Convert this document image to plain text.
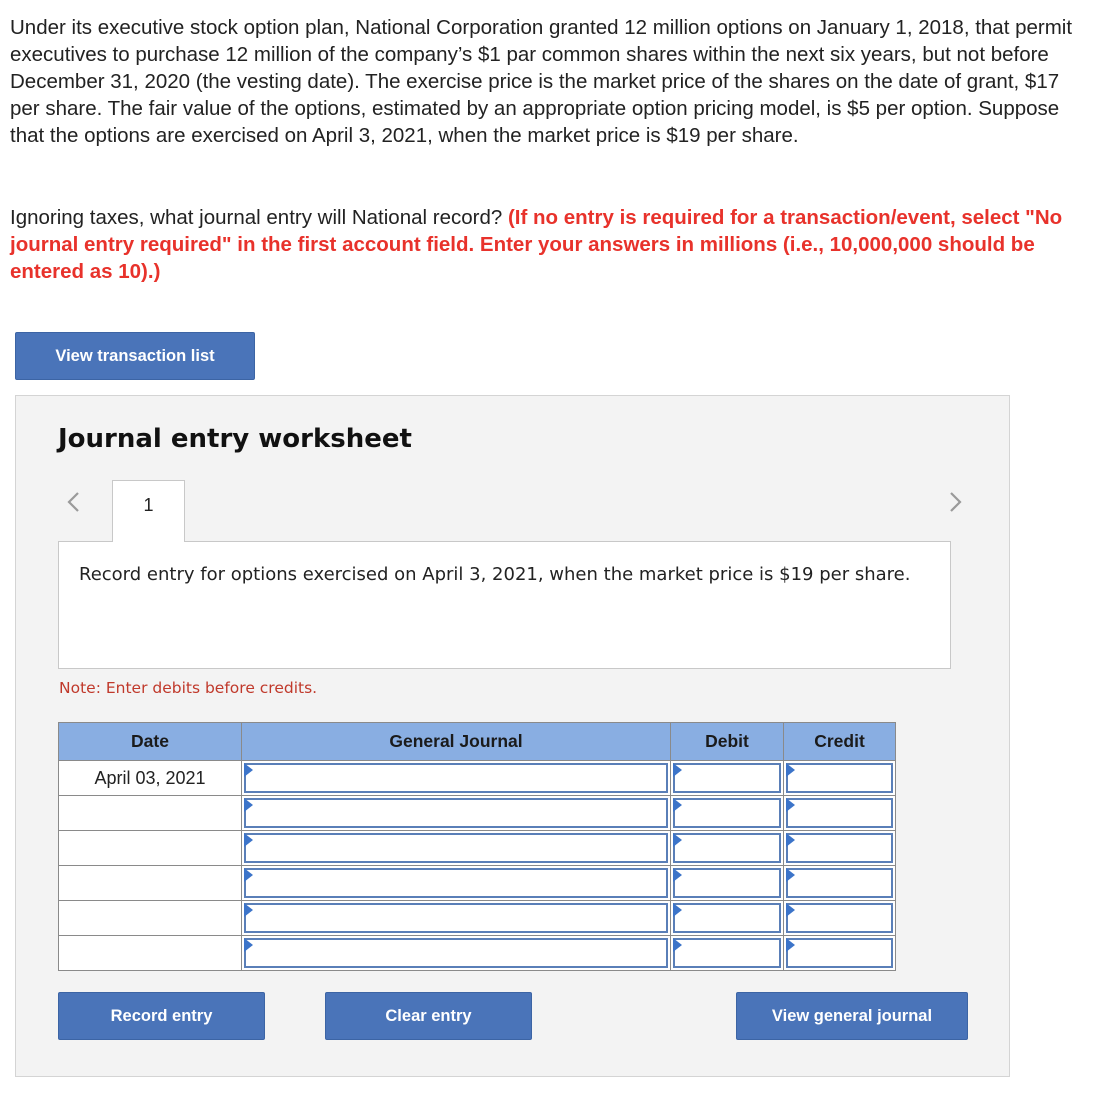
Under its executive stock option plan, National Corporation granted 12 million options on January 1, 2018, that permit executives to purchase 12 million of the company’s $1 par common shares within the next six years, but not before December 31, 2020 (the vesting date). The exercise price is the market price of the shares on the date of grant, $17 per share. The fair value of the options, estimated by an appropriate option pricing model, is $5 per option. Suppose that the options are exercised on April 3, 2021, when the market price is $19 per share.

Ignoring taxes, what journal entry will National record? (If no entry is required for a transaction/event, select "No journal entry required" in the first account field. Enter your answers in millions (i.e., 10,000,000 should be entered as 10).)

View transaction list
Journal entry worksheet
1
Record entry for options exercised on April 3, 2021, when the market price is $19 per share.
Note: Enter debits before credits.
Date	General Journal	Debit	Credit
April 03, 2021	

Record entry	Clear entry	View general journal
